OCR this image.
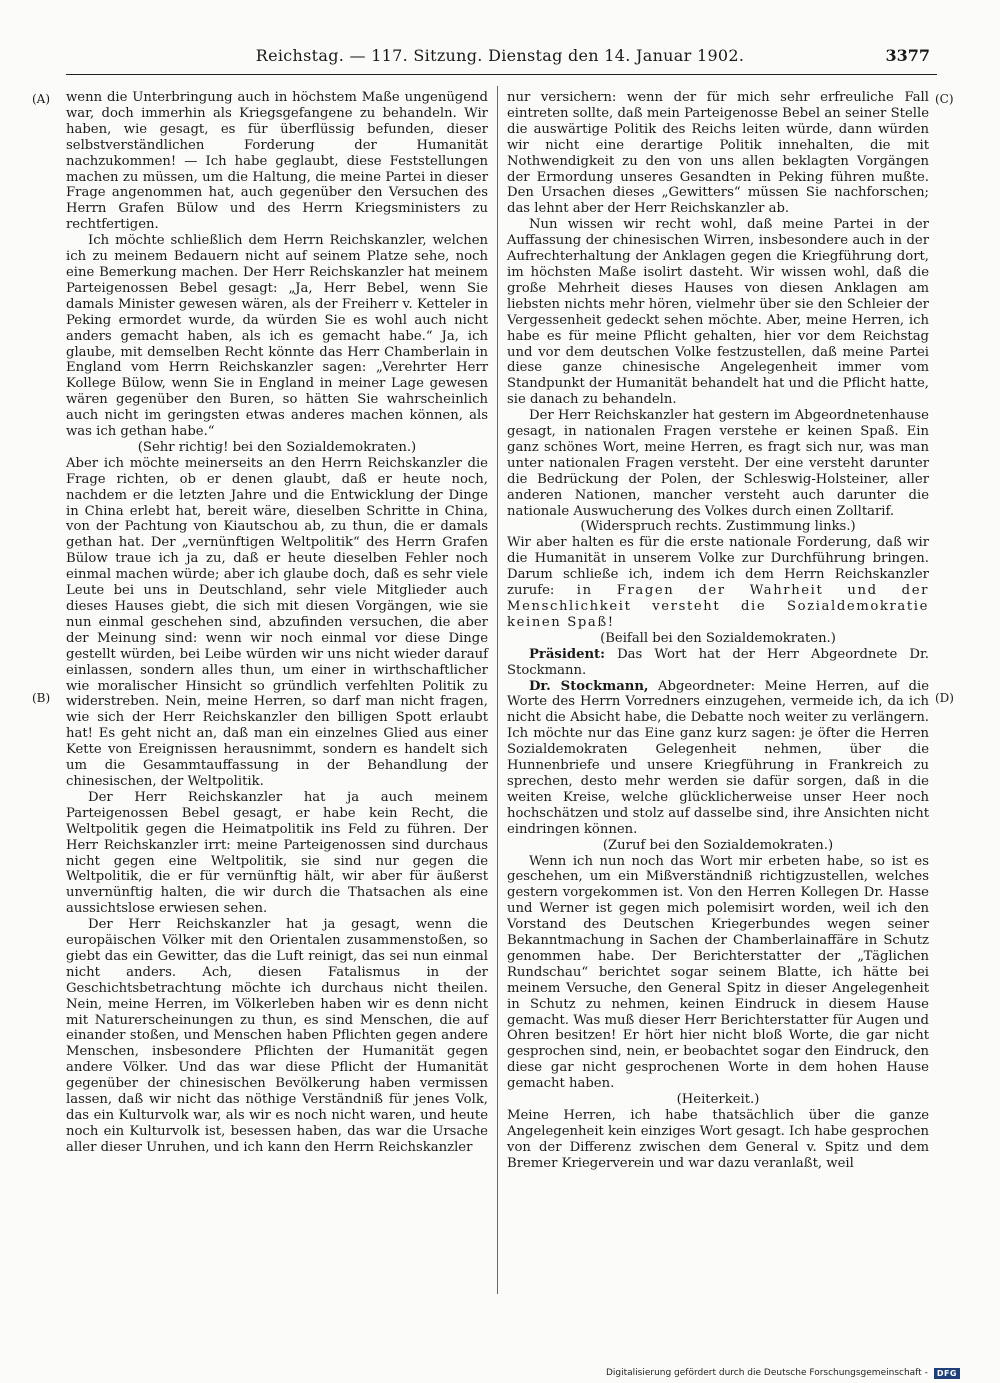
Reichstag. — 117. Sitzung. Dienstag den 14. Januar 1902.	3377
(A)
(B)
(C)
(D)

wenn die Unterbringung auch in höchstem Maße ungenügend war, doch immerhin als Kriegsgefangene zu behandeln. Wir haben, wie gesagt, es für überflüssig befunden, dieser selbstverständlichen Forderung der Humanität nachzukommen! — Ich habe geglaubt, diese Feststellungen machen zu müssen, um die Haltung, die meine Partei in dieser Frage angenommen hat, auch gegenüber den Versuchen des Herrn Grafen Bülow und des Herrn Kriegsministers zu rechtfertigen.

Ich möchte schließlich dem Herrn Reichskanzler, welchen ich zu meinem Bedauern nicht auf seinem Platze sehe, noch eine Bemerkung machen. Der Herr Reichskanzler hat meinem Parteigenossen Bebel gesagt: „Ja, Herr Bebel, wenn Sie damals Minister gewesen wären, als der Freiherr v. Ketteler in Peking ermordet wurde, da würden Sie es wohl auch nicht anders gemacht haben, als ich es gemacht habe.“ Ja, ich glaube, mit demselben Recht könnte das Herr Chamberlain in England vom Herrn Reichskanzler sagen: „Verehrter Herr Kollege Bülow, wenn Sie in England in meiner Lage gewesen wären gegenüber den Buren, so hätten Sie wahrscheinlich auch nicht im geringsten etwas anderes machen können, als was ich gethan habe.“

(Sehr richtig! bei den Sozialdemokraten.)

Aber ich möchte meinerseits an den Herrn Reichskanzler die Frage richten, ob er denen glaubt, daß er heute noch, nachdem er die letzten Jahre und die Entwicklung der Dinge in China erlebt hat, bereit wäre, dieselben Schritte in China, von der Pachtung von Kiautschou ab, zu thun, die er damals gethan hat. Der „vernünftigen Weltpolitik“ des Herrn Grafen Bülow traue ich ja zu, daß er heute dieselben Fehler noch einmal machen würde; aber ich glaube doch, daß es sehr viele Leute bei uns in Deutschland, sehr viele Mitglieder auch dieses Hauses giebt, die sich mit diesen Vorgängen, wie sie nun einmal geschehen sind, abzufinden versuchen, die aber der Meinung sind: wenn wir noch einmal vor diese Dinge gestellt würden, bei Leibe würden wir uns nicht wieder darauf einlassen, sondern alles thun, um einer in wirthschaftlicher wie moralischer Hinsicht so gründlich verfehlten Politik zu widerstreben. Nein, meine Herren, so darf man nicht fragen, wie sich der Herr Reichskanzler den billigen Spott erlaubt hat! Es geht nicht an, daß man ein einzelnes Glied aus einer Kette von Ereignissen herausnimmt, sondern es handelt sich um die Gesammtauffassung in der Behandlung der chinesischen, der Weltpolitik.

Der Herr Reichskanzler hat ja auch meinem Parteigenossen Bebel gesagt, er habe kein Recht, die Weltpolitik gegen die Heimatpolitik ins Feld zu führen. Der Herr Reichskanzler irrt: meine Parteigenossen sind durchaus nicht gegen eine Weltpolitik, sie sind nur gegen die Weltpolitik, die er für vernünftig hält, wir aber für äußerst unvernünftig halten, die wir durch die Thatsachen als eine aussichtslose erwiesen sehen.

Der Herr Reichskanzler hat ja gesagt, wenn die europäischen Völker mit den Orientalen zusammenstoßen, so giebt das ein Gewitter, das die Luft reinigt, das sei nun einmal nicht anders. Ach, diesen Fatalismus in der Geschichtsbetrachtung möchte ich durchaus nicht theilen. Nein, meine Herren, im Völkerleben haben wir es denn nicht mit Naturerscheinungen zu thun, es sind Menschen, die auf einander stoßen, und Menschen haben Pflichten gegen andere Menschen, insbesondere Pflichten der Humanität gegen andere Völker. Und das war diese Pflicht der Humanität gegenüber der chinesischen Bevölkerung haben vermissen lassen, daß wir nicht das nöthige Verständniß für jenes Volk, das ein Kulturvolk war, als wir es noch nicht waren, und heute noch ein Kulturvolk ist, besessen haben, das war die Ursache aller dieser Unruhen, und ich kann den Herrn Reichskanzler

nur versichern: wenn der für mich sehr erfreuliche Fall eintreten sollte, daß mein Parteigenosse Bebel an seiner Stelle die auswärtige Politik des Reichs leiten würde, dann würden wir nicht eine derartige Politik innehalten, die mit Nothwendigkeit zu den von uns allen beklagten Vorgängen der Ermordung unseres Gesandten in Peking führen mußte. Den Ursachen dieses „Gewitters“ müssen Sie nachforschen; das lehnt aber der Herr Reichskanzler ab.

Nun wissen wir recht wohl, daß meine Partei in der Auffassung der chinesischen Wirren, insbesondere auch in der Aufrechterhaltung der Anklagen gegen die Kriegführung dort, im höchsten Maße isolirt dasteht. Wir wissen wohl, daß die große Mehrheit dieses Hauses von diesen Anklagen am liebsten nichts mehr hören, vielmehr über sie den Schleier der Vergessenheit gedeckt sehen möchte. Aber, meine Herren, ich habe es für meine Pflicht gehalten, hier vor dem Reichstag und vor dem deutschen Volke festzustellen, daß meine Partei diese ganze chinesische Angelegenheit immer vom Standpunkt der Humanität behandelt hat und die Pflicht hatte, sie danach zu behandeln.

Der Herr Reichskanzler hat gestern im Abgeordnetenhause gesagt, in nationalen Fragen verstehe er keinen Spaß. Ein ganz schönes Wort, meine Herren, es fragt sich nur, was man unter nationalen Fragen versteht. Der eine versteht darunter die Bedrückung der Polen, der Schleswig-Holsteiner, aller anderen Nationen, mancher versteht auch darunter die nationale Auswucherung des Volkes durch einen Zolltarif.

(Widerspruch rechts. Zustimmung links.)

Wir aber halten es für die erste nationale Forderung, daß wir die Humanität in unserem Volke zur Durchführung bringen. Darum schließe ich, indem ich dem Herrn Reichskanzler zurufe: in Fragen der Wahrheit und der Menschlichkeit versteht die Sozialdemokratie keinen Spaß!

(Beifall bei den Sozialdemokraten.)

Präsident: Das Wort hat der Herr Abgeordnete Dr. Stockmann.

Dr. Stockmann, Abgeordneter: Meine Herren, auf die Worte des Herrn Vorredners einzugehen, vermeide ich, da ich nicht die Absicht habe, die Debatte noch weiter zu verlängern. Ich möchte nur das Eine ganz kurz sagen: je öfter die Herren Sozialdemokraten Gelegenheit nehmen, über die Hunnenbriefe und unsere Kriegführung in Frankreich zu sprechen, desto mehr werden sie dafür sorgen, daß in die weiten Kreise, welche glücklicherweise unser Heer noch hochschätzen und stolz auf dasselbe sind, ihre Ansichten nicht eindringen können.

(Zuruf bei den Sozialdemokraten.)

Wenn ich nun noch das Wort mir erbeten habe, so ist es geschehen, um ein Mißverständniß richtigzustellen, welches gestern vorgekommen ist. Von den Herren Kollegen Dr. Hasse und Werner ist gegen mich polemisirt worden, weil ich den Vorstand des Deutschen Kriegerbundes wegen seiner Bekanntmachung in Sachen der Chamberlainaffäre in Schutz genommen habe. Der Berichterstatter der „Täglichen Rundschau“ berichtet sogar seinem Blatte, ich hätte bei meinem Versuche, den General Spitz in dieser Angelegenheit in Schutz zu nehmen, keinen Eindruck in diesem Hause gemacht. Was muß dieser Herr Berichterstatter für Augen und Ohren besitzen! Er hört hier nicht bloß Worte, die gar nicht gesprochen sind, nein, er beobachtet sogar den Eindruck, den diese gar nicht gesprochenen Worte in dem hohen Hause gemacht haben.

(Heiterkeit.)

Meine Herren, ich habe thatsächlich über die ganze Angelegenheit kein einziges Wort gesagt. Ich habe gesprochen von der Differenz zwischen dem General v. Spitz und dem Bremer Kriegerverein und war dazu veranlaßt, weil

Digitalisierung gefördert durch die Deutsche Forschungsgemeinschaft -	DFG
